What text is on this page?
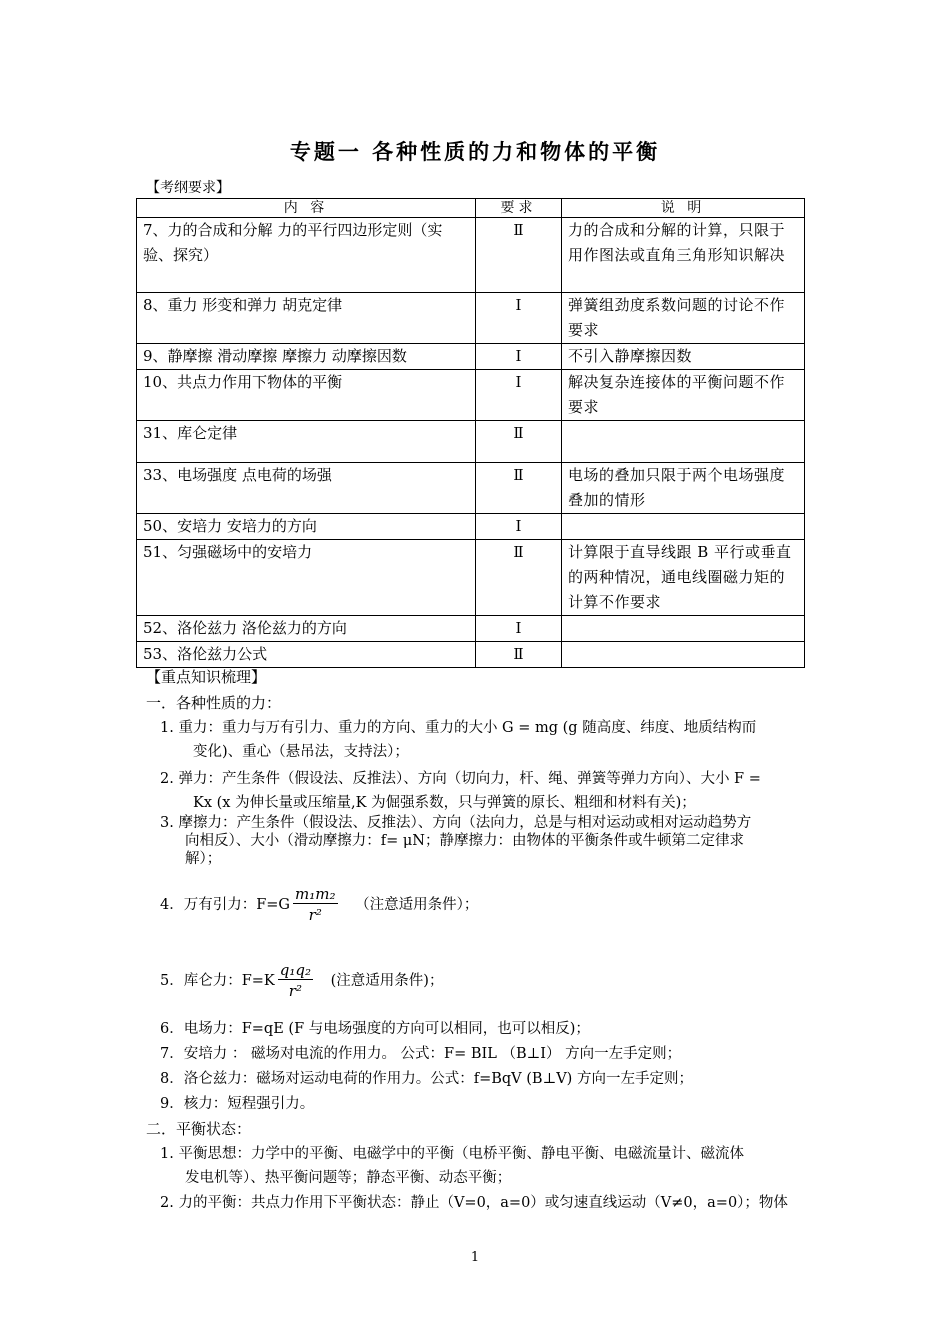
专题一 各种性质的力和物体的平衡
【考纲要求】
内 容	要求	说 明
7、力的合成和分解 力的平行四边形定则（实验、探究）	Ⅱ	力的合成和分解的计算，只限于用作图法或直角三角形知识解决
8、重力 形变和弹力 胡克定律	Ⅰ	弹簧组劲度系数问题的讨论不作要求
9、静摩擦 滑动摩擦 摩擦力 动摩擦因数	Ⅰ	不引入静摩擦因数
10、共点力作用下物体的平衡	Ⅰ	解决复杂连接体的平衡问题不作要求
31、库仑定律	Ⅱ	
33、电场强度 点电荷的场强	Ⅱ	电场的叠加只限于两个电场强度叠加的情形
50、安培力 安培力的方向	Ⅰ	
51、匀强磁场中的安培力	Ⅱ	计算限于直导线跟 B 平行或垂直的两种情况，通电线圈磁力矩的计算不作要求
52、洛伦兹力 洛伦兹力的方向	Ⅰ	
53、洛伦兹力公式	Ⅱ	
【重点知识梳理】
一．各种性质的力：
1. 重力：重力与万有引力、重力的方向、重力的大小 G = mg (g 随高度、纬度、地质结构而
变化)、重心（悬吊法，支持法）；
2. 弹力：产生条件（假设法、反推法）、方向（切向力，杆、绳、弹簧等弹力方向）、大小 F =
Kx (x 为伸长量或压缩量,K 为倔强系数，只与弹簧的原长、粗细和材料有关)；
3. 摩擦力：产生条件（假设法、反推法）、方向（法向力，总是与相对运动或相对运动趋势方
向相反）、大小（滑动摩擦力：f= μN；静摩擦力：由物体的平衡条件或牛顿第二定律求
解）；
4．万有引力：$F=G \frac{\text{m₁m₂}}{\text{r²}}$ （注意适用条件）；
5．库仑力：$F=K \frac{\text{q₁q₂}}{\text{r²}}$ (注意适用条件)；
6．电场力：F=qE (F 与电场强度的方向可以相同，也可以相反)；
7．安培力 ： 磁场对电流的作用力。 公式：F= BIL （B⊥I） 方向一左手定则；
8．洛仑兹力：磁场对运动电荷的作用力。公式：f=BqV (B⊥V) 方向一左手定则；
9．核力：短程强引力。
二．平衡状态：
1. 平衡思想：力学中的平衡、电磁学中的平衡（电桥平衡、静电平衡、电磁流量计、磁流体
发电机等）、热平衡问题等；静态平衡、动态平衡；
2. 力的平衡：共点力作用下平衡状态：静止（V=0，a=0）或匀速直线运动（V≠0，a=0）；物体
1
